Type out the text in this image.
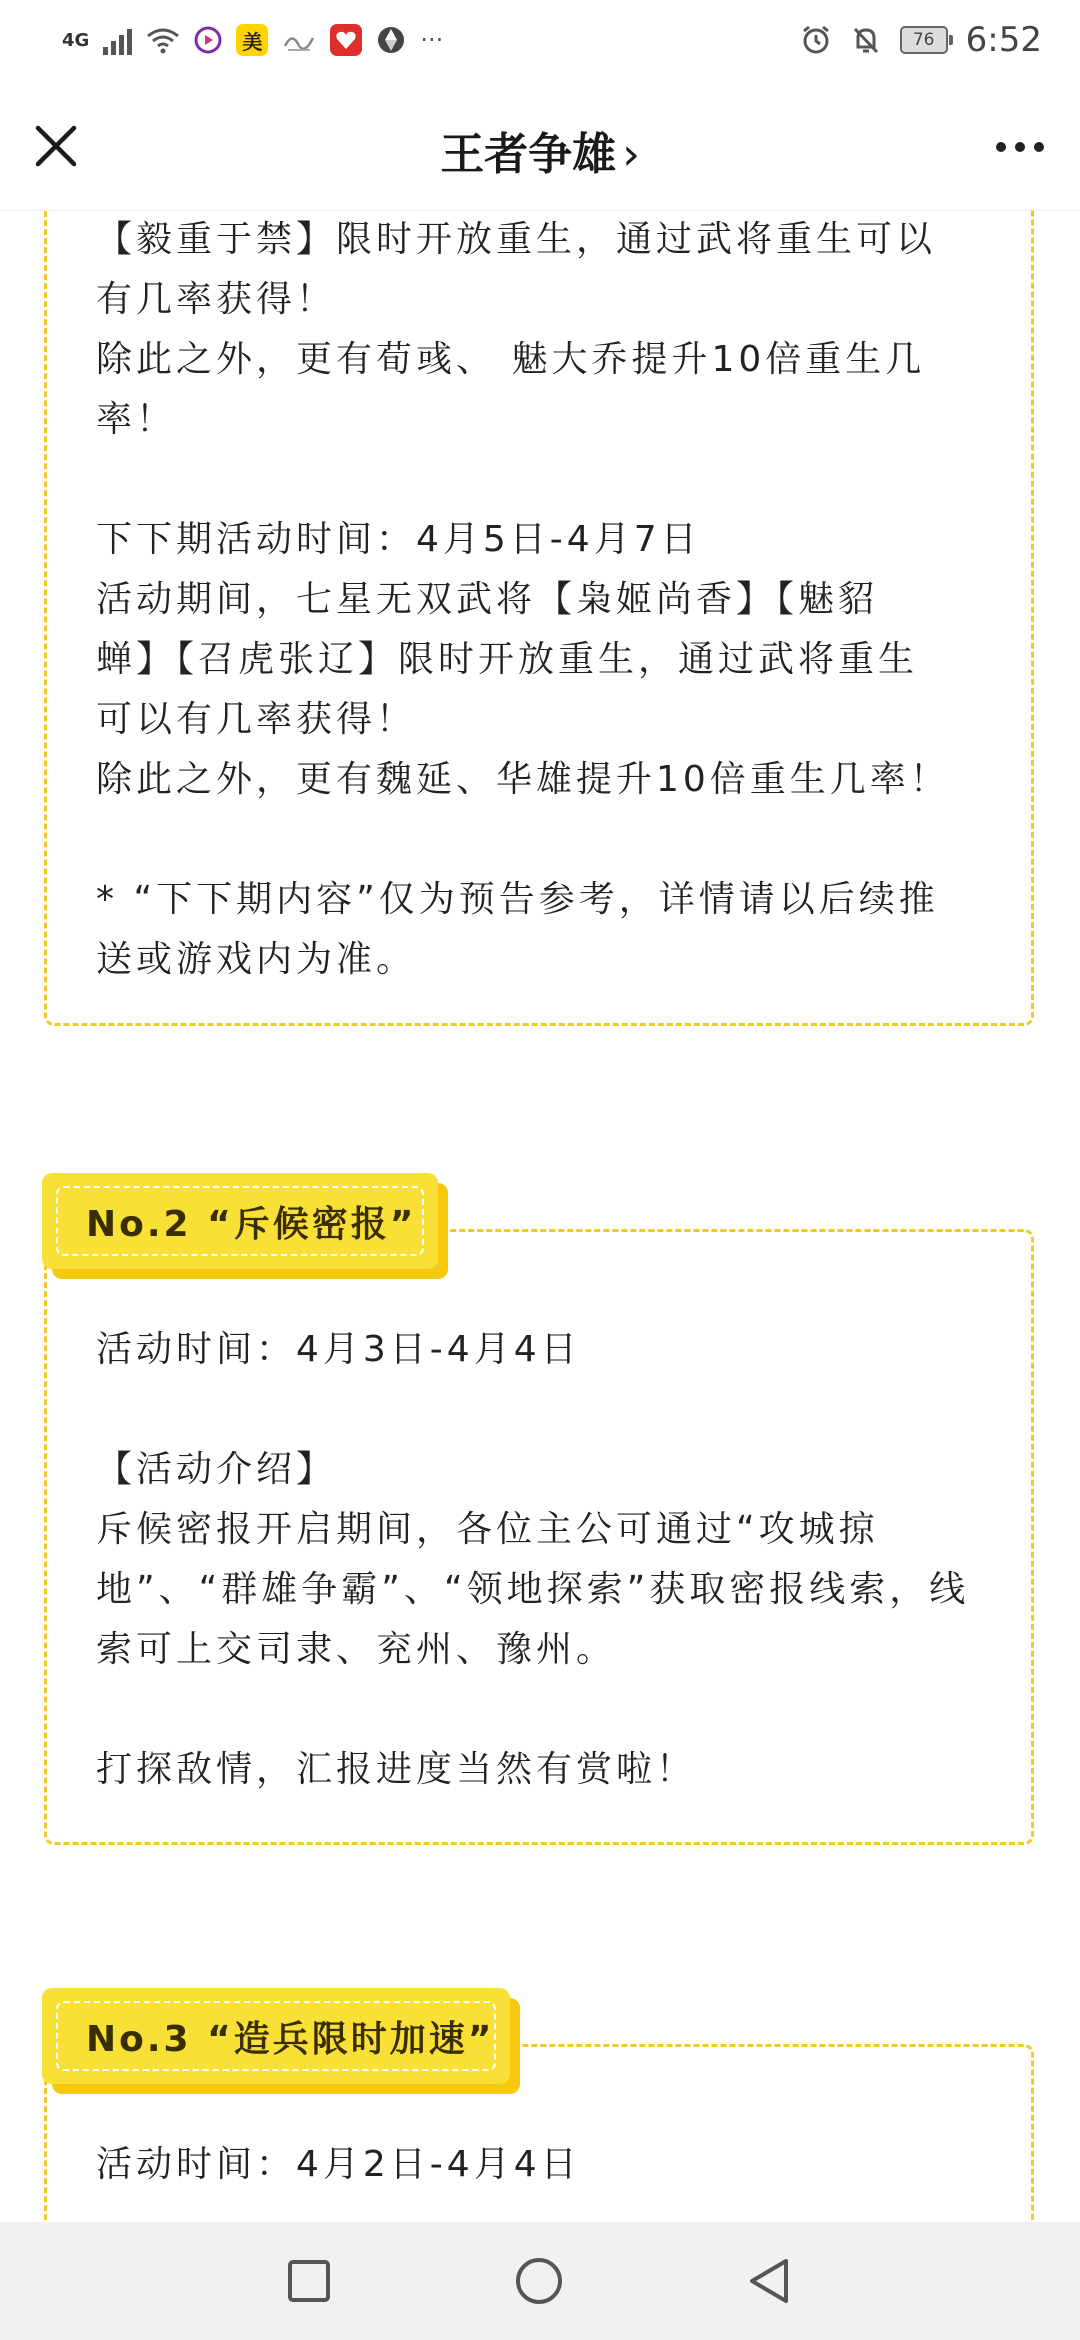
4G	美	···	76 6:52
王者争雄 ›

【毅重于禁】限时开放重生，通过武将重生可以

有几率获得！

除此之外，更有荀彧、 魅大乔提升10倍重生几

率！

下下期活动时间：4月5日-4月7日

活动期间，七星无双武将【枭姬尚香】【魅貂

蝉】【召虎张辽】限时开放重生，通过武将重生

可以有几率获得！

除此之外，更有魏延、华雄提升10倍重生几率！

* “下下期内容”仅为预告参考，详情请以后续推

送或游戏内为准。

No.2 “斥候密报”

活动时间：4月3日-4月4日

【活动介绍】

斥候密报开启期间，各位主公可通过“攻城掠

地”、“群雄争霸”、“领地探索”获取密报线索，线

索可上交司隶、兖州、豫州。

打探敌情，汇报进度当然有赏啦！

No.3 “造兵限时加速”

活动时间：4月2日-4月4日
